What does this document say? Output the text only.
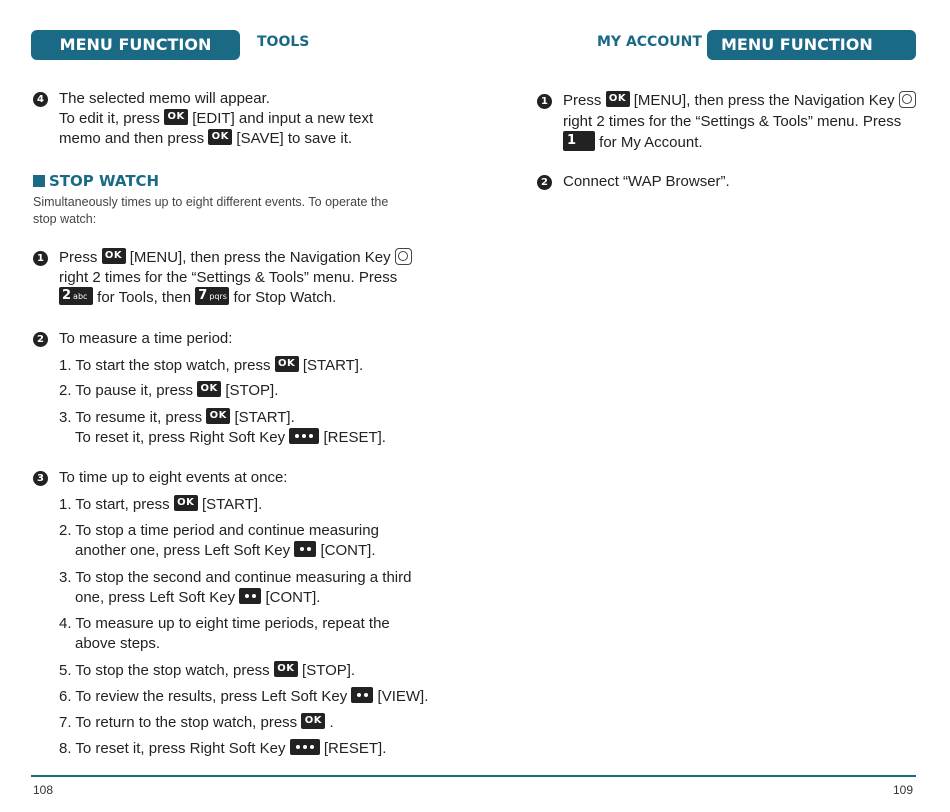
MENU FUNCTION	TOOLS	MY ACCOUNT	MENU FUNCTION
4 The selected memo will appear.
To edit it, press OK [EDIT] and input a new text
memo and then press OK [SAVE] to save it.
STOP WATCH
Simultaneously times up to eight different events. To operate the
stop watch:
1 Press OK [MENU], then press the Navigation Key
right 2 times for the “Settings & Tools” menu. Press
2 abc for Tools, then 7 pqrs for Stop Watch.
2 To measure a time period:
1. To start the stop watch, press OK [START].
2. To pause it, press OK [STOP].
3. To resume it, press OK [START].
To reset it, press Right Soft Key	[RESET].
3 To time up to eight events at once:
1. To start, press OK [START].
2. To stop a time period and continue measuring
another one, press Left Soft Key [CONT].
3. To stop the second and continue measuring a third
one, press Left Soft Key [CONT].
4. To measure up to eight time periods, repeat the
above steps.
5. To stop the stop watch, press OK [STOP].
6. To review the results, press Left Soft Key [VIEW].
7. To return to the stop watch, press OK .
8. To reset it, press Right Soft Key	[RESET].
1 Press OK [MENU], then press the Navigation Key
right 2 times for the “Settings & Tools” menu. Press
1 for My Account.
2 Connect “WAP Browser”.
108	109
